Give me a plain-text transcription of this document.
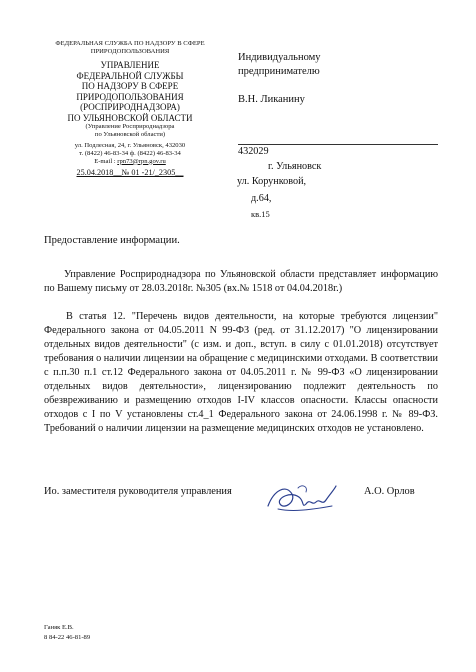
ФЕДЕРАЛЬНАЯ СЛУЖБА ПО НАДЗОРУ В СФЕРЕ
ПРИРОДОПОЛЬЗОВАНИЯ
УПРАВЛЕНИЕ
ФЕДЕРАЛЬНОЙ СЛУЖБЫ
ПО НАДЗОРУ В СФЕРЕ
ПРИРОДОПОЛЬЗОВАНИЯ
(РОСПРИРОДНАДЗОРА)
ПО УЛЬЯНОВСКОЙ ОБЛАСТИ
(Управление Росприроднадзора
по Ульяновской области)
ул. Подлесная, 24, г. Ульяновск, 432030
т. (8422) 46-83-34 ф. (8422) 46-83-34
E-mail : rpn73@rpn.gov.ru
25.04.2018__№ 01 -21/_2305__
Индивидуальному
предпринимателю
В.Н. Ликанину
432029
г. Ульяновск
ул. Корунковой,
д.64,
кв.15
Предоставление информации.
Управление Росприроднадзора по Ульяновской области представляет информацию по Вашему письму от 28.03.2018г. №305 (вх.№ 1518 от 04.04.2018г.)
В статья 12. "Перечень видов деятельности, на которые требуются лицензии" Федерального закона от 04.05.2011 N 99-ФЗ (ред. от 31.12.2017) "О лицензировании отдельных видов деятельности" (с изм. и доп., вступ. в силу с 01.01.2018) отсутствует требования о наличии лицензии на обращение с медицинскими отходами. В соответствии с п.п.30 п.1 ст.12 Федерального закона от 04.05.2011 г. № 99-ФЗ «О лицензировании отдельных видов деятельности», лицензированию подлежит деятельность по обезвреживанию и размещению отходов I-IV классов опасности. Классы опасности отходов с I по V установлены ст.4_1 Федерального закона от 24.06.1998 г. № 89-ФЗ. Требований о наличии лицензии на размещение медицинских отходов не установлено.
Ио. заместителя руководителя управления	А.О. Орлов
Ганяк Е.В.
8 84-22 46-81-89
